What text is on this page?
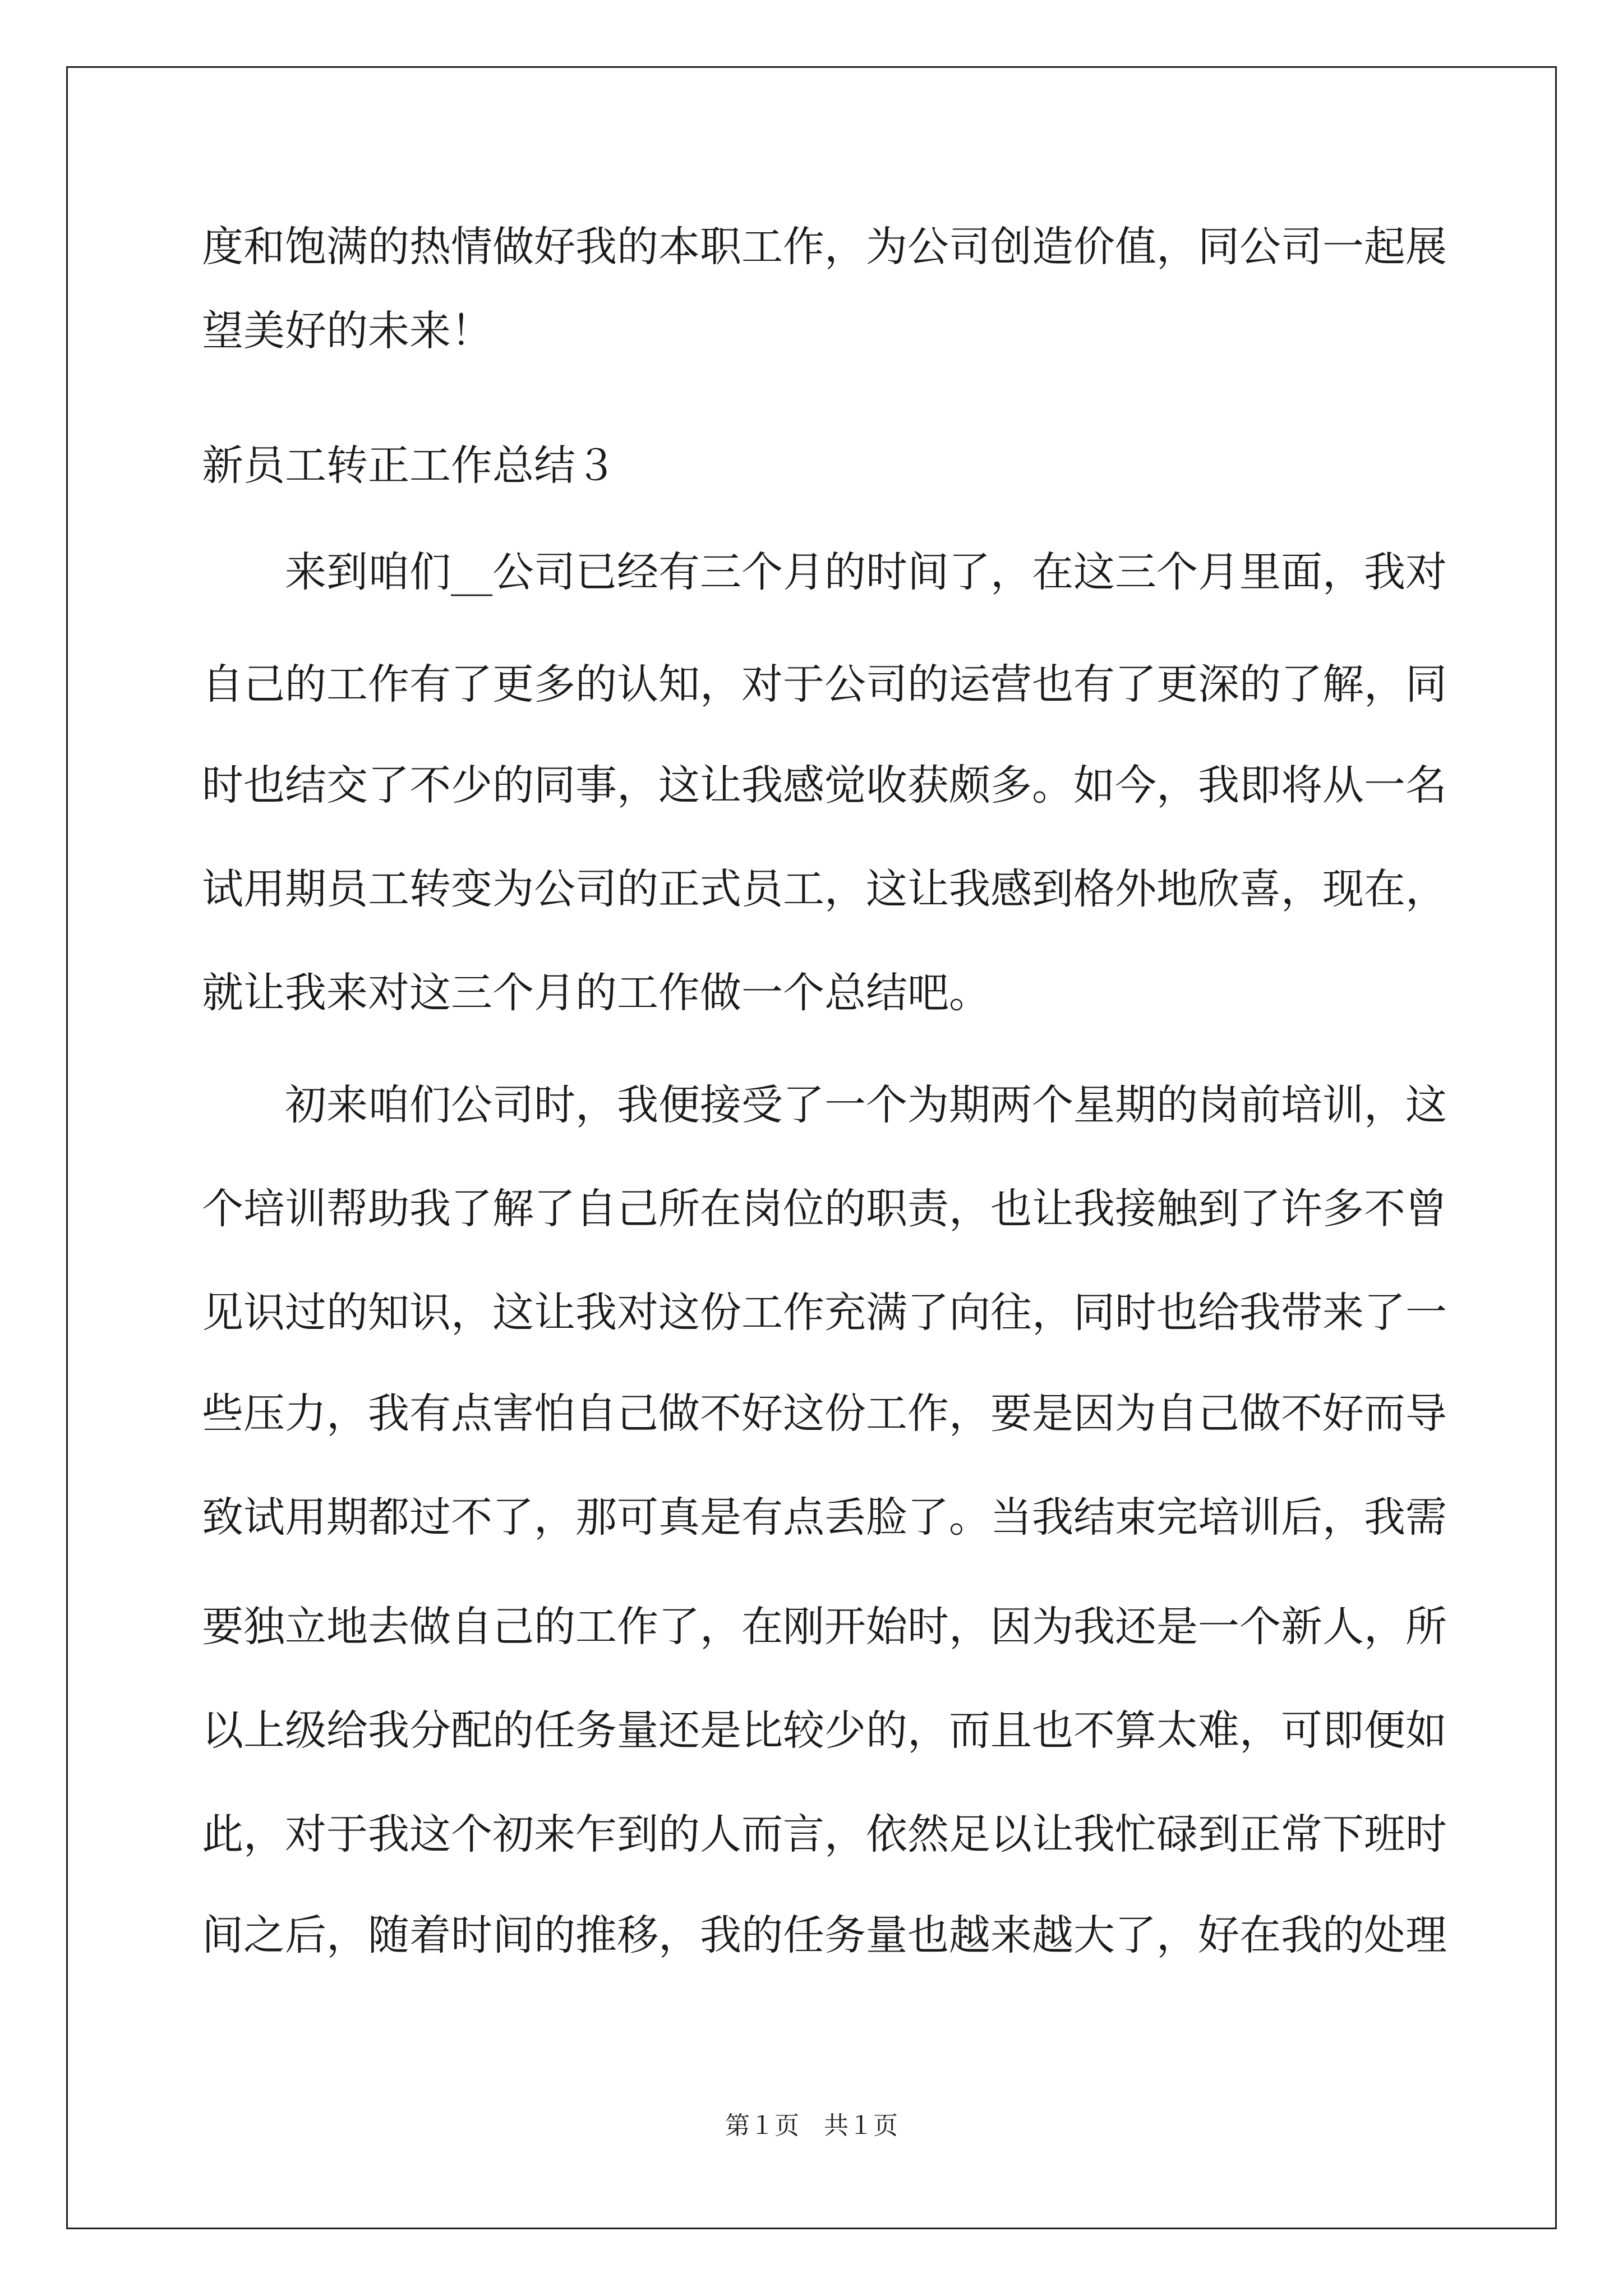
度和饱满的热情做好我的本职工作，为公司创造价值，同公司一起展
望美好的未来！
新员工转正工作总结３
　　来到咱们__公司已经有三个月的时间了，在这三个月里面，我对
自己的工作有了更多的认知，对于公司的运营也有了更深的了解，同
时也结交了不少的同事，这让我感觉收获颇多。如今，我即将从一名
试用期员工转变为公司的正式员工，这让我感到格外地欣喜，现在，
就让我来对这三个月的工作做一个总结吧。
　　初来咱们公司时，我便接受了一个为期两个星期的岗前培训，这
个培训帮助我了解了自己所在岗位的职责，也让我接触到了许多不曾
见识过的知识，这让我对这份工作充满了向往，同时也给我带来了一
些压力，我有点害怕自己做不好这份工作，要是因为自己做不好而导
致试用期都过不了，那可真是有点丢脸了。当我结束完培训后，我需
要独立地去做自己的工作了，在刚开始时，因为我还是一个新人，所
以上级给我分配的任务量还是比较少的，而且也不算太难，可即便如
此，对于我这个初来乍到的人而言，依然足以让我忙碌到正常下班时
间之后，随着时间的推移，我的任务量也越来越大了，好在我的处理
第１页　共１页
